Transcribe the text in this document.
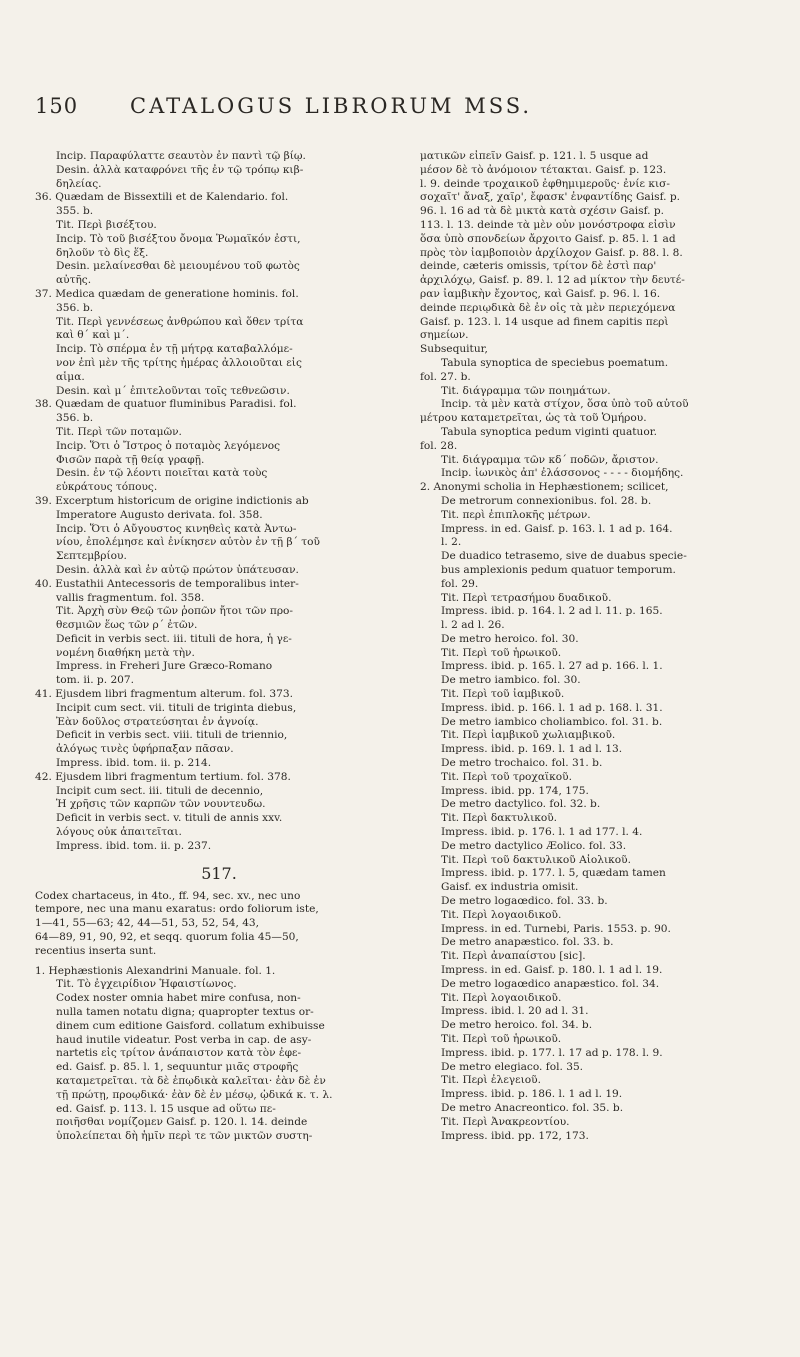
150 CATALOGUS LIBRORUM MSS.
Incip. Παραφύλαττε σεαυτὸν ἐν παντὶ τῷ βίῳ.
Desin. ἀλλὰ καταφρόνει τῆς ἐν τῷ τρόπῳ κιβ-
δηλείας.
36. Quædam de Bissextili et de Kalendario. fol.
355. b.
Tit. Περὶ βισέξτου.
Incip. Τὸ τοῦ βισέξτου ὄνομα Ῥωμαϊκόν ἐστι,
δηλοῦν τὸ δὶς ἕξ.
Desin. μελαίνεσθαι δὲ μειουμένου τοῦ φωτὸς
αὐτῆς.
37. Medica quædam de generatione hominis. fol.
356. b.
Tit. Περὶ γεννέσεως ἀνθρώπου καὶ ὅθεν τρίτα
καὶ θ´ καὶ μ´.
Incip. Τὸ σπέρμα ἐν τῇ μήτρᾳ καταβαλλόμε-
νον ἐπὶ μὲν τῆς τρίτης ἡμέρας ἀλλοιοῦται εἰς
αἷμα.
Desin. καὶ μ´ ἐπιτελοῦνται τοῖς τεθνεῶσιν.
38. Quædam de quatuor fluminibus Paradisi. fol.
356. b.
Tit. Περὶ τῶν ποταμῶν.
Incip. Ὅτι ὁ Ἴστρος ὁ ποταμὸς λεγόμενος
Φισῶν παρὰ τῇ θείᾳ γραφῇ.
Desin. ἐν τῷ λέοντι ποιεῖται κατὰ τοὺς
εὐκράτους τόπους.
39. Excerptum historicum de origine indictionis ab
Imperatore Augusto derivata. fol. 358.
Incip. Ὅτι ὁ Αὔγουστος κινηθεὶς κατὰ Ἀντω-
νίου, ἐπολέμησε καὶ ἐνίκησεν αὐτὸν ἐν τῇ β´ τοῦ
Σεπτεμβρίου.
Desin. ἀλλὰ καὶ ἐν αὐτῷ πρώτον ὑπάτευσαν.
40. Eustathii Antecessoris de temporalibus inter-
vallis fragmentum. fol. 358.
Tit. Ἀρχὴ σὺν Θεῷ τῶν ῥοπῶν ἤτοι τῶν προ-
θεσμιῶν ἕως τῶν ρ´ ἐτῶν.
Deficit in verbis sect. iii. tituli de hora, ἡ γε-
νομένη διαθήκη μετὰ τὴν.
Impress. in Freheri Jure Græco-Romano
tom. ii. p. 207.
41. Ejusdem libri fragmentum alterum. fol. 373.
Incipit cum sect. vii. tituli de triginta diebus,
Ἐὰν δοῦλος στρατεύσηται ἐν ἀγνοίᾳ.
Deficit in verbis sect. viii. tituli de triennio,
ἀλόγως τινὲς ὑφήρπαξαν πᾶσαν.
Impress. ibid. tom. ii. p. 214.
42. Ejusdem libri fragmentum tertium. fol. 378.
Incipit cum sect. iii. tituli de decennio,
Ἡ χρῆσις τῶν καρπῶν τῶν νουντευδω.
Deficit in verbis sect. v. tituli de annis xxv.
λόγους οὐκ ἀπαιτεῖται.
Impress. ibid. tom. ii. p. 237.
517.
Codex chartaceus, in 4to., ff. 94, sec. xv., nec uno
tempore, nec una manu exaratus: ordo foliorum iste,
1—41, 55—63; 42, 44—51, 53, 52, 54, 43,
64—89, 91, 90, 92, et seqq. quorum folia 45—50,
recentius inserta sunt.
1. Hephæstionis Alexandrini Manuale. fol. 1.
Tit. Τὸ ἐγχειρίδιον Ἡφαιστίωνος.
Codex noster omnia habet mire confusa, non-
nulla tamen notatu digna; quapropter textus or-
dinem cum editione Gaisford. collatum exhibuisse
haud inutile videatur. Post verba in cap. de asy-
nartetis εἰς τρίτον ἀνάπαιστον κατὰ τὸν ἐφε-
ed. Gaisf. p. 85. l. 1, sequuntur μιᾶς στροφῆς
καταμετρεῖται. τὰ δὲ ἐπῳδικὰ καλεῖται· ἐὰν δὲ ἐν
τῇ πρώτῃ, προῳδικά· ἐὰν δὲ ἐν μέσῳ, ᾠδικά κ. τ. λ.
ed. Gaisf. p. 113. l. 15 usque ad οὕτω πε-
ποιῆσθαι νομίζομεν Gaisf. p. 120. l. 14. deinde
ὑπολείπεται δὴ ἡμῖν περὶ τε τῶν μικτῶν συστη-
ματικῶν εἰπεῖν Gaisf. p. 121. l. 5 usque ad
μέσον δὲ τὸ ἀνόμοιον τέτακται. Gaisf. p. 123.
l. 9. deinde τροχαικοῦ ἐφθημιμεροῦς· ἐνίε κισ-
σοχαῖτ' ἄναξ, χαῖρ', ἔφασκ' ἐνφαντίδης Gaisf. p.
96. l. 16 ad τὰ δὲ μικτὰ κατὰ σχέσιν Gaisf. p.
113. l. 13. deinde τὰ μὲν οὖν μονόστροφα εἰσὶν
ὅσα ὑπὸ σπονδείων ἄρχοιτο Gaisf. p. 85. l. 1 ad
πρὸς τὸν ἰαμβοποιὸν ἀρχίλοχον Gaisf. p. 88. l. 8.
deinde, cæteris omissis, τρίτον δὲ ἐστὶ παρ'
ἀρχιλόχῳ, Gaisf. p. 89. l. 12 ad μίκτον τὴν δευτέ-
ραν ἰαμβικὴν ἔχοντος, καὶ Gaisf. p. 96. l. 16.
deinde περιῳδικὰ δὲ ἐν οἷς τὰ μὲν περιεχόμενα
Gaisf. p. 123. l. 14 usque ad finem capitis περὶ
σημείων.
Subsequitur,
Tabula synoptica de speciebus poematum.
fol. 27. b.
Tit. διάγραμμα τῶν ποιημάτων.
Incip. τὰ μὲν κατὰ στίχον, ὅσα ὑπὸ τοῦ αὐτοῦ
μέτρου καταμετρεῖται, ὡς τὰ τοῦ Ὁμήρου.
Tabula synoptica pedum viginti quatuor.
fol. 28.
Tit. διάγραμμα τῶν κδ´ ποδῶν, ἄριστον.
Incip. ἰωνικὸς ἀπ' ἐλάσσονος - - - - διομήδης.
2. Anonymi scholia in Hephæstionem; scilicet,
De metrorum connexionibus. fol. 28. b.
Tit. περὶ ἐπιπλοκῆς μέτρων.
Impress. in ed. Gaisf. p. 163. l. 1 ad p. 164.
l. 2.
De duadico tetrasemo, sive de duabus specie-
bus amplexionis pedum quatuor temporum.
fol. 29.
Tit. Περὶ τετρασήμου δυαδικοῦ.
Impress. ibid. p. 164. l. 2 ad l. 11. p. 165.
l. 2 ad l. 26.
De metro heroico. fol. 30.
Tit. Περὶ τοῦ ἡρωικοῦ.
Impress. ibid. p. 165. l. 27 ad p. 166. l. 1.
De metro iambico. fol. 30.
Tit. Περὶ τοῦ ἰαμβικοῦ.
Impress. ibid. p. 166. l. 1 ad p. 168. l. 31.
De metro iambico choliambico. fol. 31. b.
Tit. Περὶ ἰαμβικοῦ χωλιαμβικοῦ.
Impress. ibid. p. 169. l. 1 ad l. 13.
De metro trochaico. fol. 31. b.
Tit. Περὶ τοῦ τροχαϊκοῦ.
Impress. ibid. pp. 174, 175.
De metro dactylico. fol. 32. b.
Tit. Περὶ δακτυλικοῦ.
Impress. ibid. p. 176. l. 1 ad 177. l. 4.
De metro dactylico Æolico. fol. 33.
Tit. Περὶ τοῦ δακτυλικοῦ Αἰολικοῦ.
Impress. ibid. p. 177. l. 5, quædam tamen
Gaisf. ex industria omisit.
De metro logaœdico. fol. 33. b.
Tit. Περὶ λογαοιδικοῦ.
Impress. in ed. Turnebi, Paris. 1553. p. 90.
De metro anapæstico. fol. 33. b.
Tit. Περὶ ἀναπαίστου [sic].
Impress. in ed. Gaisf. p. 180. l. 1 ad l. 19.
De metro logaœdico anapæstico. fol. 34.
Tit. Περὶ λογαοιδικοῦ.
Impress. ibid. l. 20 ad l. 31.
De metro heroico. fol. 34. b.
Tit. Περὶ τοῦ ἡρωικοῦ.
Impress. ibid. p. 177. l. 17 ad p. 178. l. 9.
De metro elegiaco. fol. 35.
Tit. Περὶ ἐλεγειοῦ.
Impress. ibid. p. 186. l. 1 ad l. 19.
De metro Anacreontico. fol. 35. b.
Tit. Περὶ Ἀνακρεοντίου.
Impress. ibid. pp. 172, 173.
